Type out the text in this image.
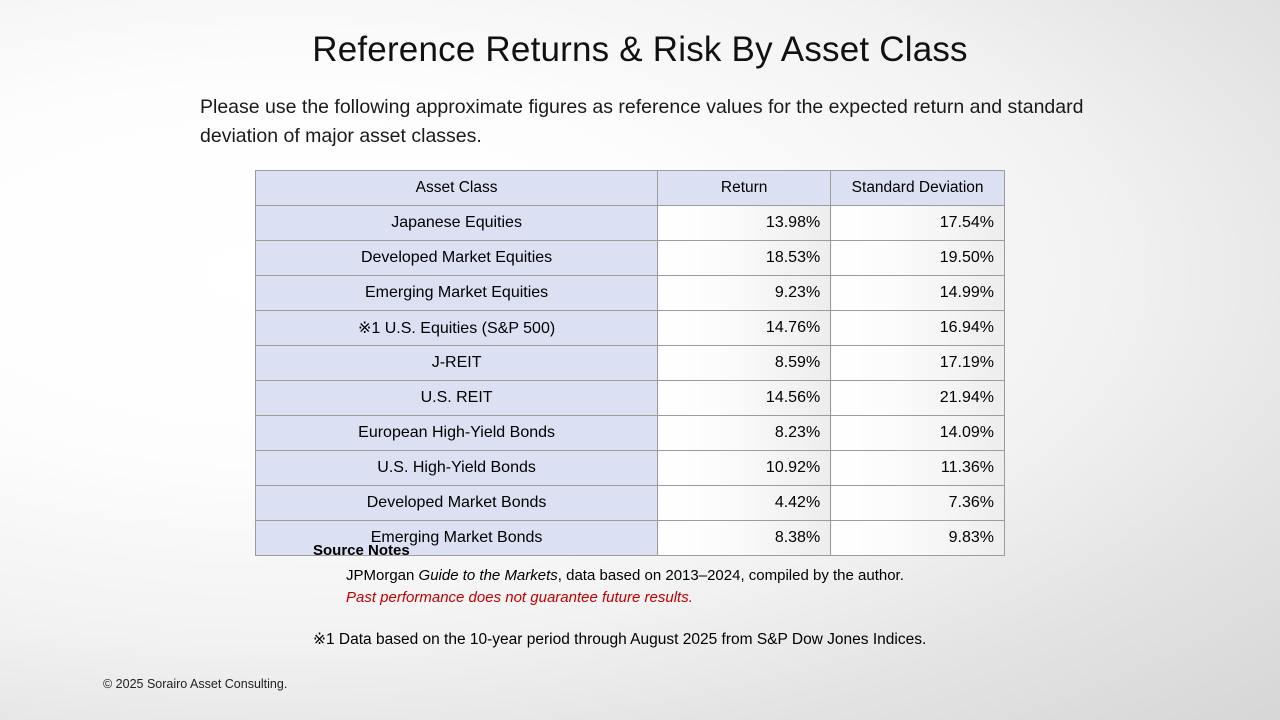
Reference Returns & Risk By Asset Class
Please use the following approximate figures as reference values for the expected return and standard deviation of major asset classes.
Asset Class	Return	Standard Deviation
Japanese Equities	13.98%	17.54%
Developed Market Equities	18.53%	19.50%
Emerging Market Equities	9.23%	14.99%
※1 U.S. Equities (S&P 500)	14.76%	16.94%
J-REIT	8.59%	17.19%
U.S. REIT	14.56%	21.94%
European High-Yield Bonds	8.23%	14.09%
U.S. High-Yield Bonds	10.92%	11.36%
Developed Market Bonds	4.42%	7.36%
Emerging Market Bonds	8.38%	9.83%
Source Notes
JPMorgan Guide to the Markets, data based on 2013–2024, compiled by the author.
Past performance does not guarantee future results.
※1 Data based on the 10-year period through August 2025 from S&P Dow Jones Indices.
© 2025 Sorairo Asset Consulting.
